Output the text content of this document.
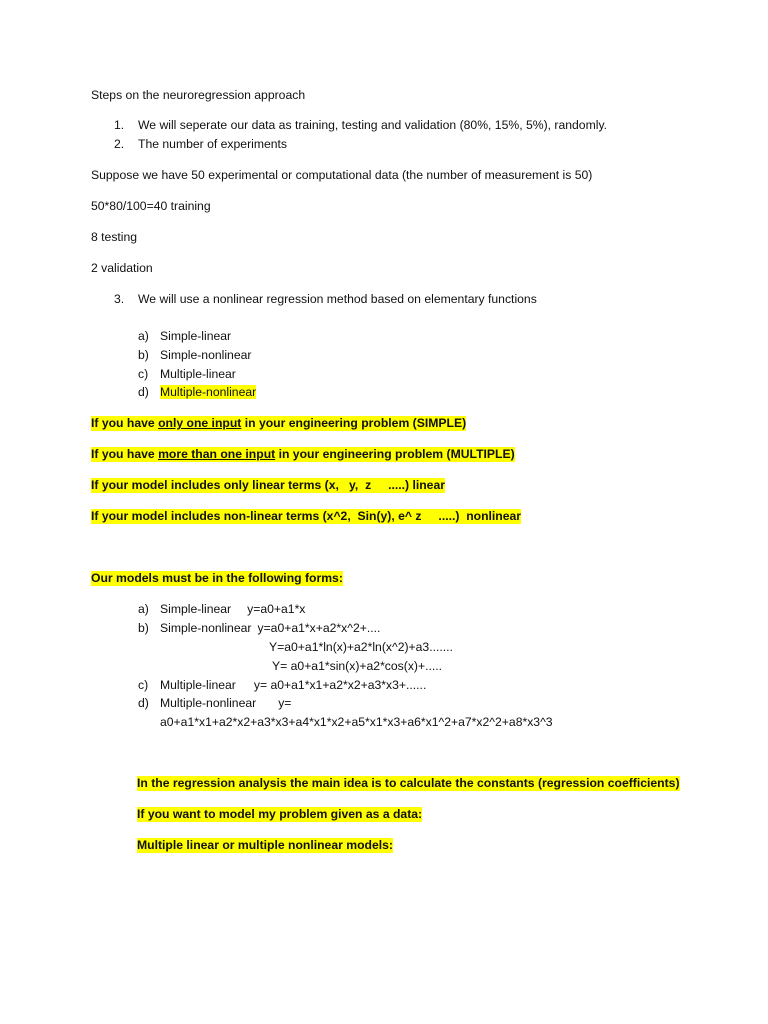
Steps on the neuroregression approach
1. We will seperate our data as training, testing and validation (80%, 15%, 5%), randomly.
2. The number of experiments
Suppose we have 50 experimental or computational data (the number of measurement is 50)
50*80/100=40 training
8 testing
2 validation
3. We will use a nonlinear regression method based on elementary functions
a) Simple-linear
b) Simple-nonlinear
c) Multiple-linear
d) Multiple-nonlinear
If you have only one input in your engineering problem (SIMPLE)
If you have more than one input in your engineering problem (MULTIPLE)
If your model includes only linear terms (x,   y,  z     .....) linear
If your model includes non-linear terms (x^2,  Sin(y), e^ z     .....)  nonlinear
Our models must be in the following forms:
a) Simple-linear y=a0+a1*x
b) Simple-nonlinear y=a0+a1*x+a2*x^2+....
Y=a0+a1*ln(x)+a2*ln(x^2)+a3.......
Y= a0+a1*sin(x)+a2*cos(x)+.....
c) Multiple-linear y= a0+a1*x1+a2*x2+a3*x3+......
d) Multiple-nonlinear y=
a0+a1*x1+a2*x2+a3*x3+a4*x1*x2+a5*x1*x3+a6*x1^2+a7*x2^2+a8*x3^3
In the regression analysis the main idea is to calculate the constants (regression coefficients)
If you want to model my problem given as a data:
Multiple linear or multiple nonlinear models:
